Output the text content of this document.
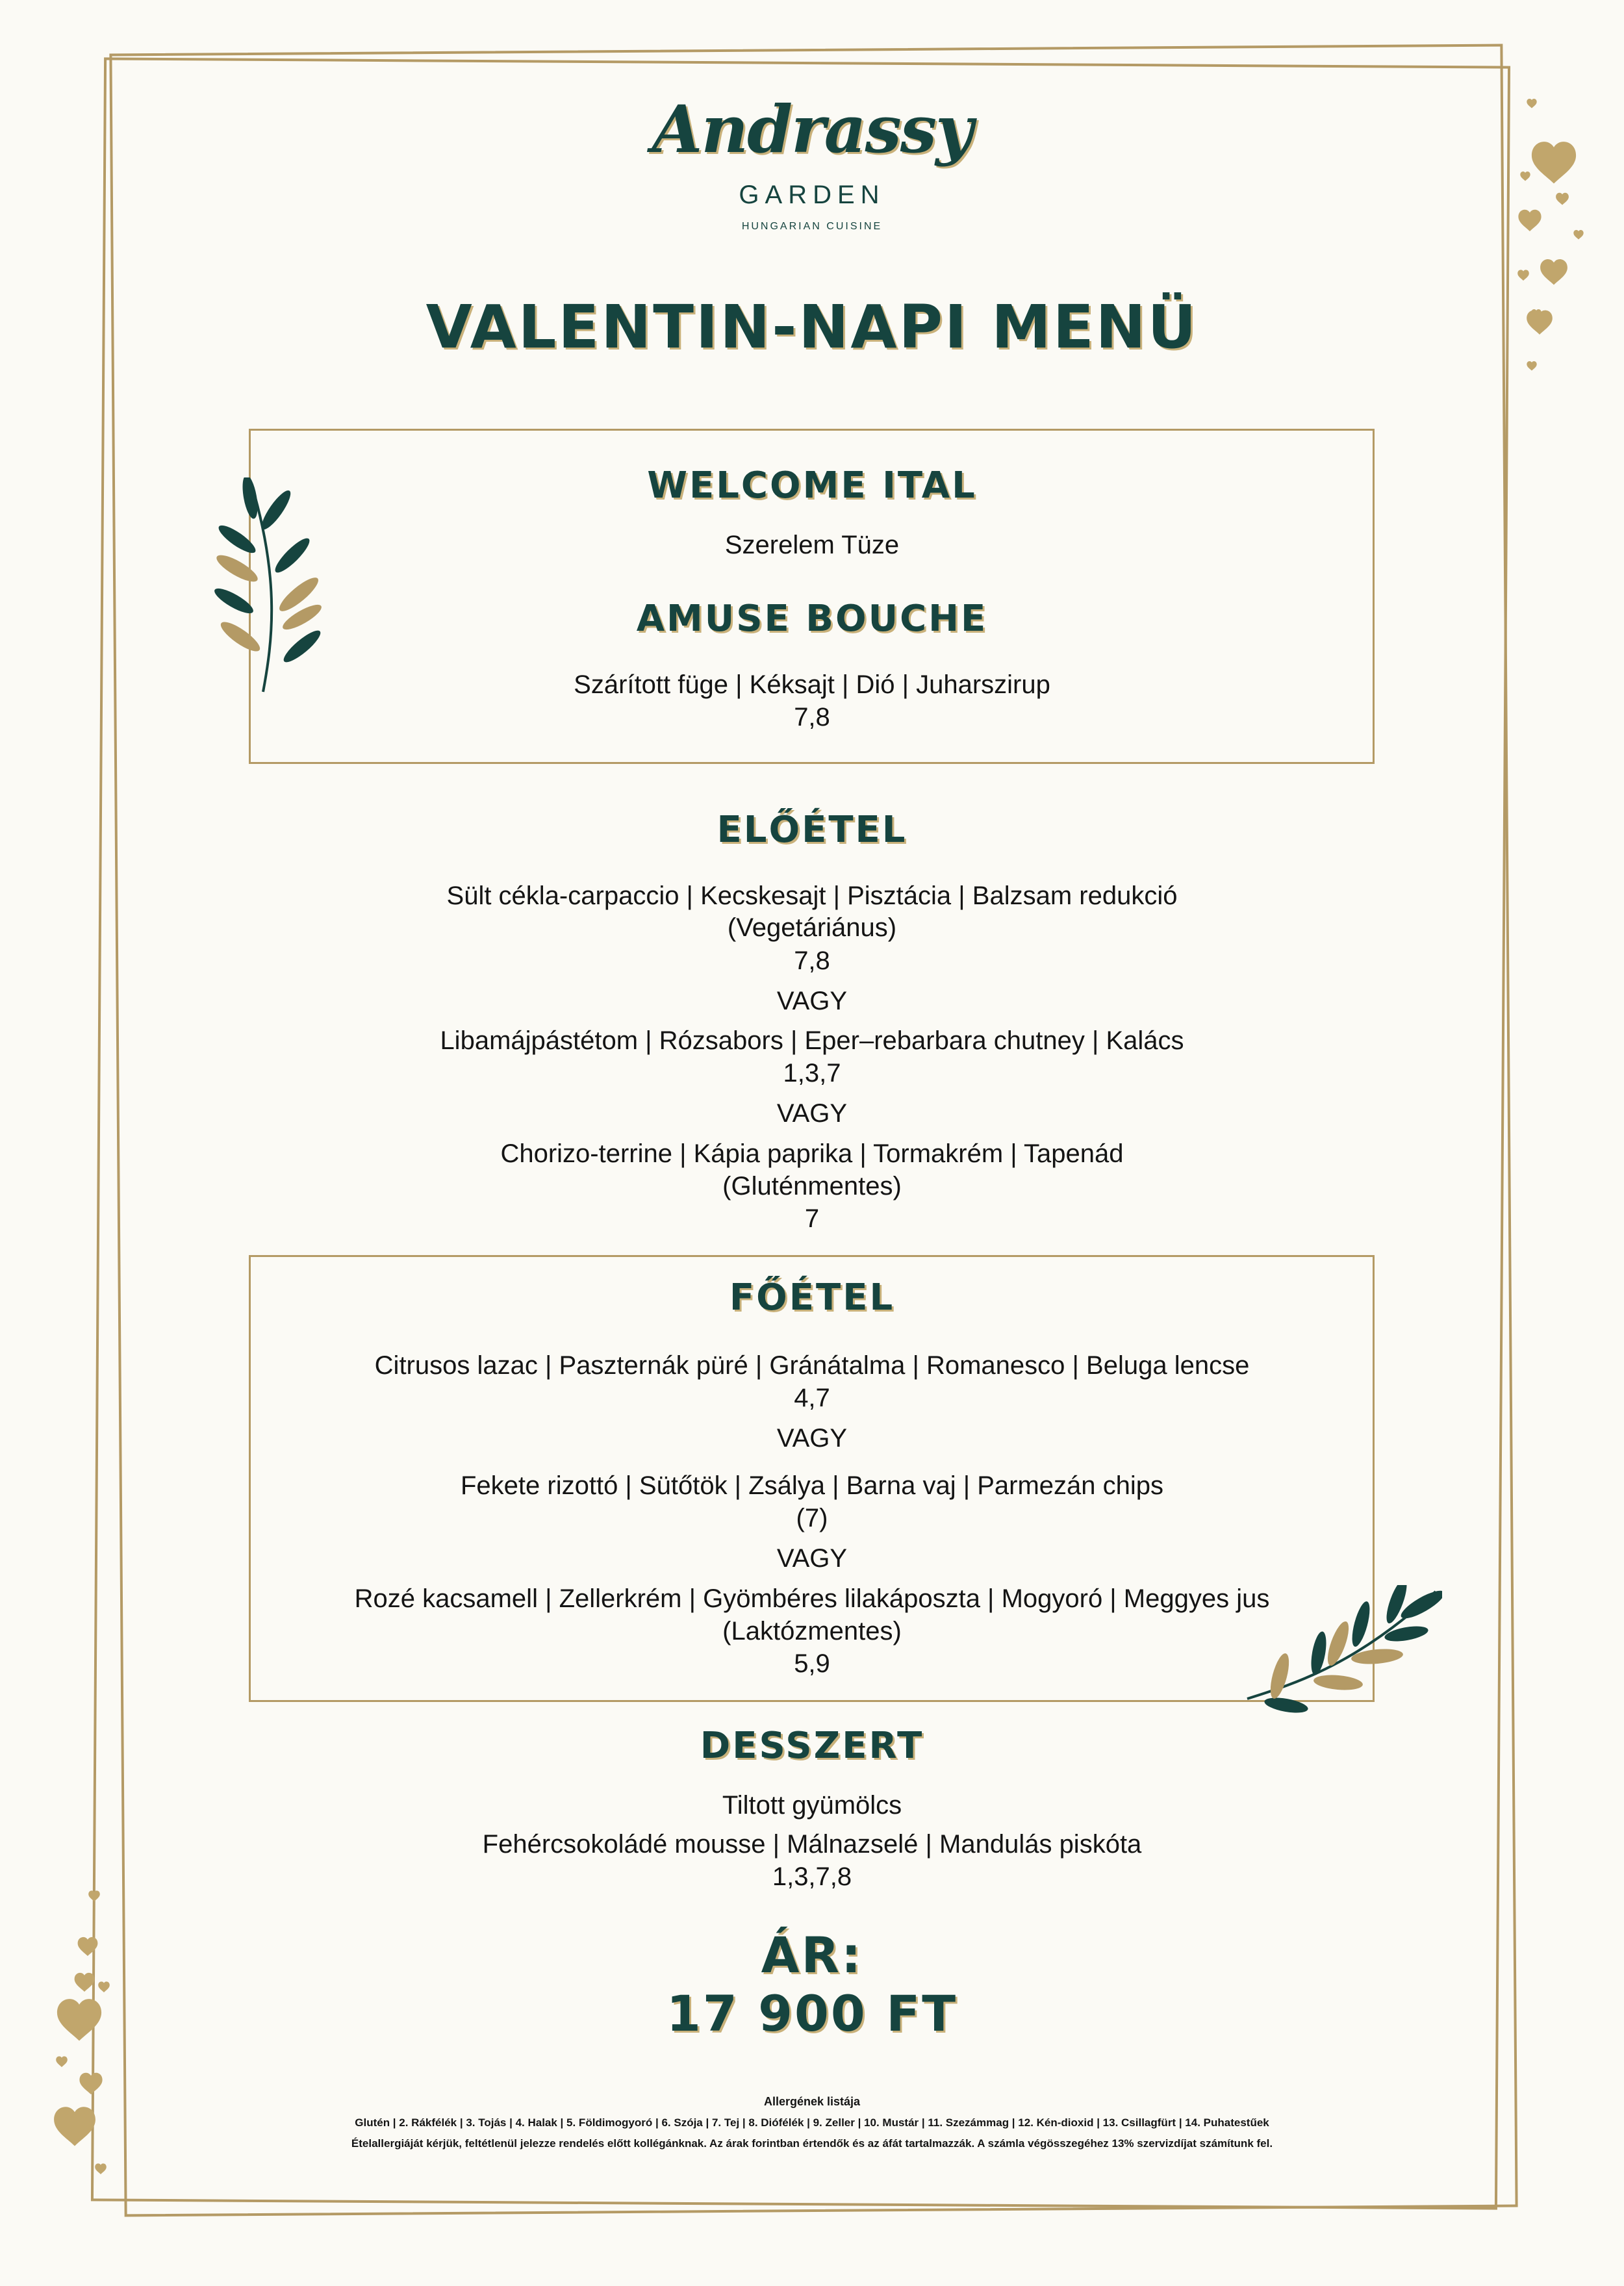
Andrassy
GARDEN
HUNGARIAN CUISINE
VALENTIN-NAPI MENÜ
WELCOME ITAL
Szerelem Tüze
AMUSE BOUCHE
Szárított füge | Kéksajt | Dió | Juharszirup
7,8
ELŐÉTEL
Sült cékla-carpaccio | Kecskesajt | Pisztácia | Balzsam redukció
(Vegetáriánus)
7,8
VAGY
Libamájpástétom | Rózsabors | Eper–rebarbara chutney | Kalács
1,3,7
VAGY
Chorizo-terrine | Kápia paprika | Tormakrém | Tapenád
(Gluténmentes)
7
FŐÉTEL
Citrusos lazac | Paszternák püré | Gránátalma | Romanesco | Beluga lencse
4,7
VAGY
Fekete rizottó | Sütőtök | Zsálya | Barna vaj | Parmezán chips
(7)
VAGY
Rozé kacsamell | Zellerkrém | Gyömbéres lilakáposzta | Mogyoró | Meggyes jus
(Laktózmentes)
5,9
DESSZERT
Tiltott gyümölcs
Fehércsokoládé mousse | Málnazselé | Mandulás piskóta
1,3,7,8
ÁR:
17 900 FT
Allergének listája
Glutén | 2. Rákfélék | 3. Tojás | 4. Halak | 5. Földimogyoró | 6. Szója | 7. Tej | 8. Diófélék | 9. Zeller | 10. Mustár | 11. Szezámmag | 12. Kén-dioxid | 13. Csillagfürt | 14. Puhatestűek
Ételallergiáját kérjük, feltétlenül jelezze rendelés előtt kollégánknak. Az árak forintban értendők és az áfát tartalmazzák. A számla végösszegéhez 13% szervizdíjat számítunk fel.
